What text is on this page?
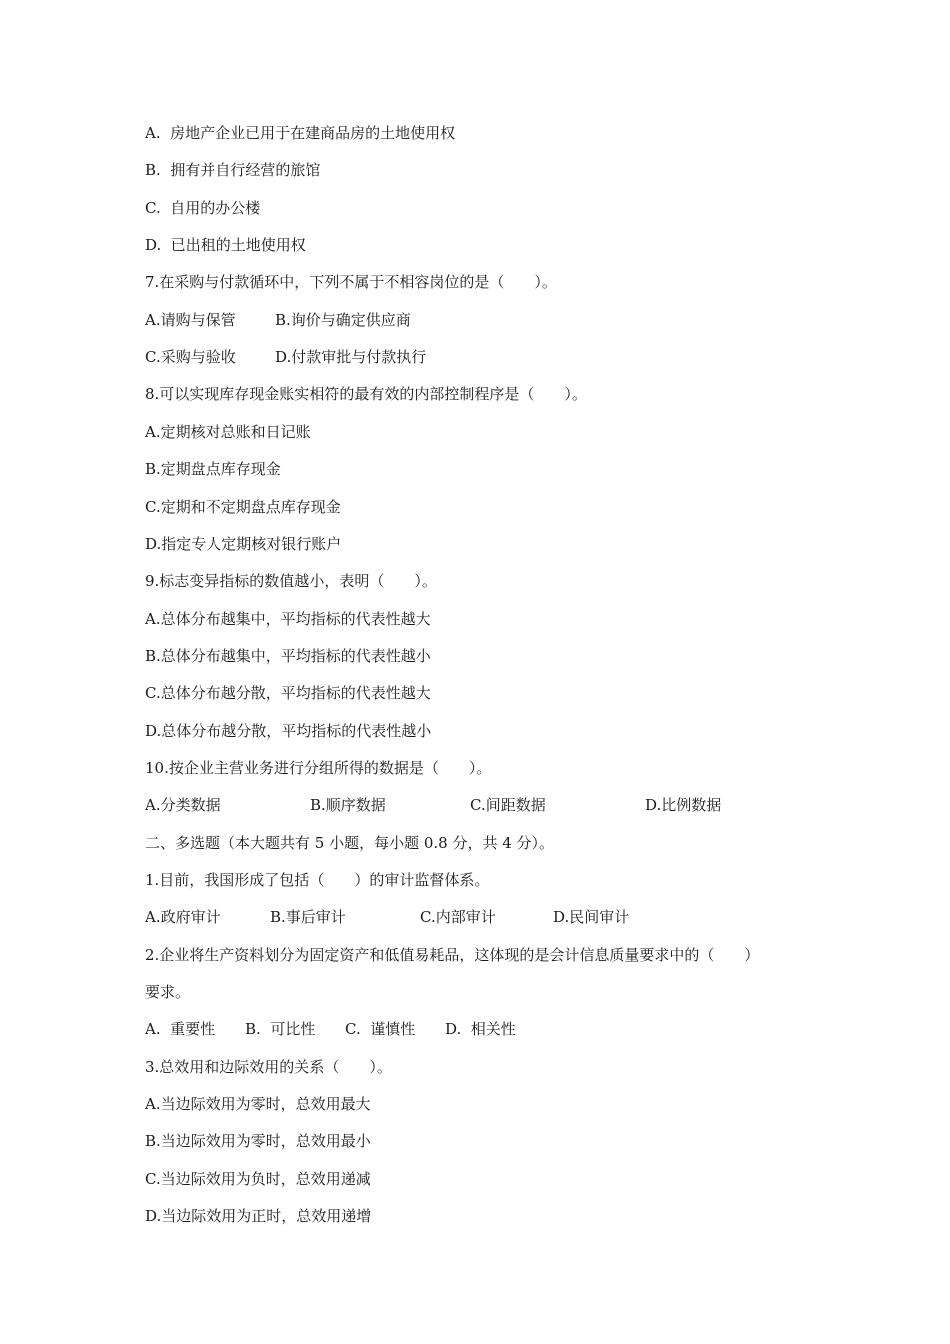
A.  房地产企业已用于在建商品房的土地使用权
B.  拥有并自行经营的旅馆
C.  自用的办公楼
D.  已出租的土地使用权
7.在采购与付款循环中，下列不属于不相容岗位的是（　　）。

A.请购与保管

	B.询价与确定供应商

C.采购与验收

	D.付款审批与付款执行

8.可以实现库存现金账实相符的最有效的内部控制程序是（　　）。
A.定期核对总账和日记账
B.定期盘点库存现金
C.定期和不定期盘点库存现金
D.指定专人定期核对银行账户
9.标志变异指标的数值越小，表明（　　）。
A.总体分布越集中，平均指标的代表性越大
B.总体分布越集中，平均指标的代表性越小
C.总体分布越分散，平均指标的代表性越大
D.总体分布越分散，平均指标的代表性越小
10.按企业主营业务进行分组所得的数据是（　　）。

A.分类数据

	B.顺序数据

	C.间距数据

	D.比例数据

二、多选题（本大题共有 5 小题，每小题 0.8 分，共 4 分）。
1.目前，我国形成了包括（　　）的审计监督体系。

A.政府审计

	B.事后审计

	C.内部审计

	D.民间审计

2.企业将生产资料划分为固定资产和低值易耗品，这体现的是会计信息质量要求中的（　　）
要求。

A.  重要性

B.  可比性

C.  谨慎性

D.  相关性

3.总效用和边际效用的关系（　　）。
A.当边际效用为零时，总效用最大
B.当边际效用为零时，总效用最小
C.当边际效用为负时，总效用递减
D.当边际效用为正时，总效用递增
